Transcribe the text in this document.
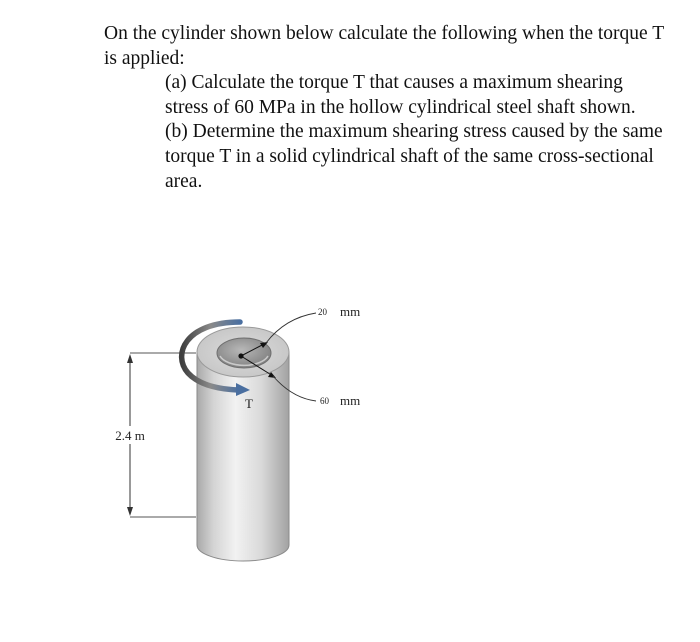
On the cylinder shown below calculate the following when the torque T is applied:

(a) Calculate the torque T that causes a maximum shearing stress of 60 MPa in the hollow cylindrical steel shaft shown.

(b) Determine the maximum shearing stress caused by the same torque T in a solid cylindrical shaft of the same cross-sectional area.

2.4 m
T
20 mm
60 mm
